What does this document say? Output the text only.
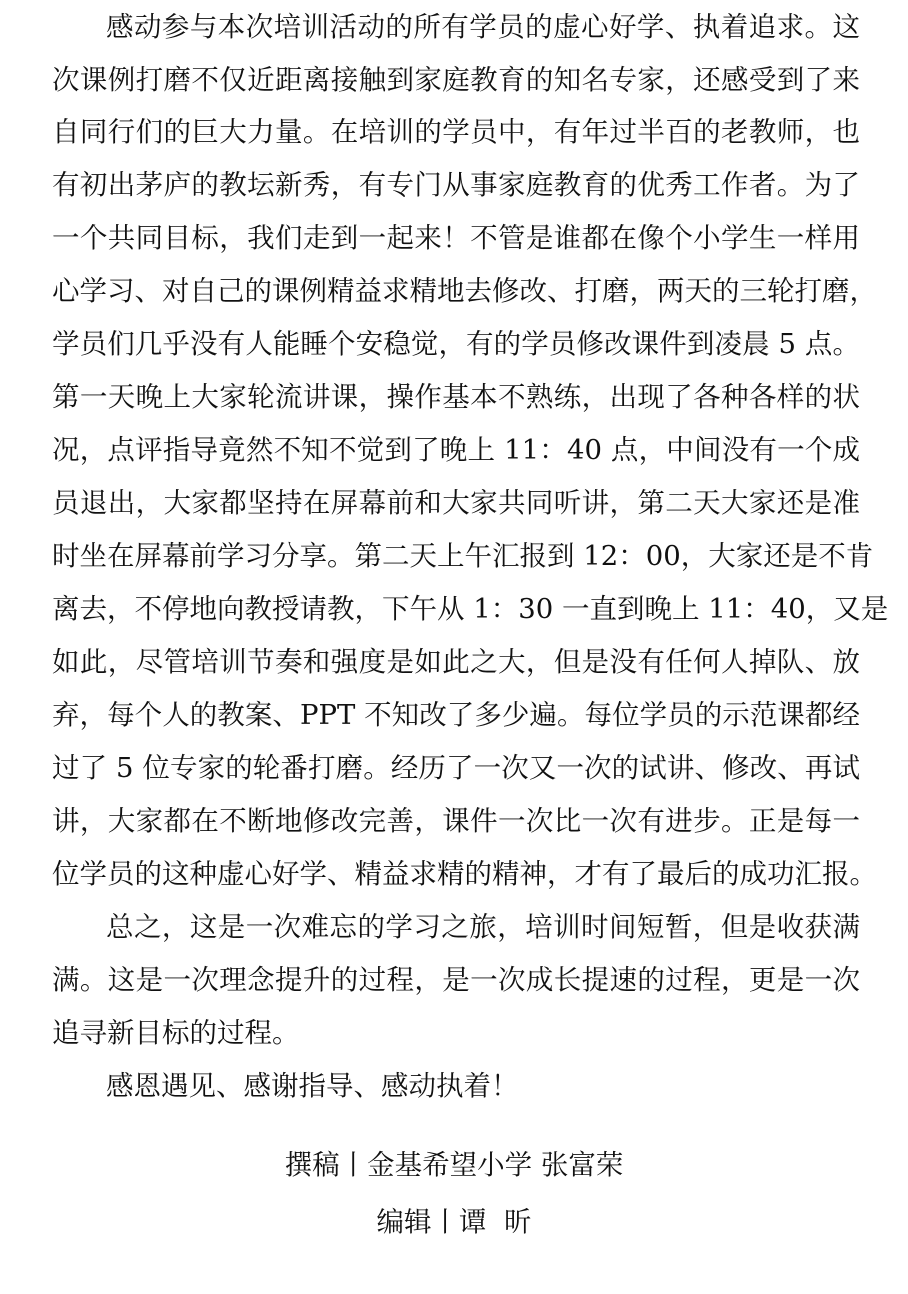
感动参与本次培训活动的所有学员的虚心好学、执着追求。这
次课例打磨不仅近距离接触到家庭教育的知名专家，还感受到了来
自同行们的巨大力量。在培训的学员中，有年过半百的老教师，也
有初出茅庐的教坛新秀，有专门从事家庭教育的优秀工作者。为了
一个共同目标，我们走到一起来！不管是谁都在像个小学生一样用
心学习、对自己的课例精益求精地去修改、打磨，两天的三轮打磨，
学员们几乎没有人能睡个安稳觉，有的学员修改课件到凌晨 5 点。
第一天晚上大家轮流讲课，操作基本不熟练，出现了各种各样的状
况，点评指导竟然不知不觉到了晚上 11：40 点，中间没有一个成
员退出，大家都坚持在屏幕前和大家共同听讲，第二天大家还是准
时坐在屏幕前学习分享。第二天上午汇报到 12：00，大家还是不肯
离去，不停地向教授请教，下午从 1：30 一直到晚上 11：40，又是
如此，尽管培训节奏和强度是如此之大，但是没有任何人掉队、放
弃，每个人的教案、PPT 不知改了多少遍。每位学员的示范课都经
过了 5 位专家的轮番打磨。经历了一次又一次的试讲、修改、再试
讲，大家都在不断地修改完善，课件一次比一次有进步。正是每一
位学员的这种虚心好学、精益求精的精神，才有了最后的成功汇报。
总之，这是一次难忘的学习之旅，培训时间短暂，但是收获满
满。这是一次理念提升的过程，是一次成长提速的过程，更是一次
追寻新目标的过程。
感恩遇见、感谢指导、感动执着！
撰稿丨金基希望小学 张富荣
编辑丨谭  昕
